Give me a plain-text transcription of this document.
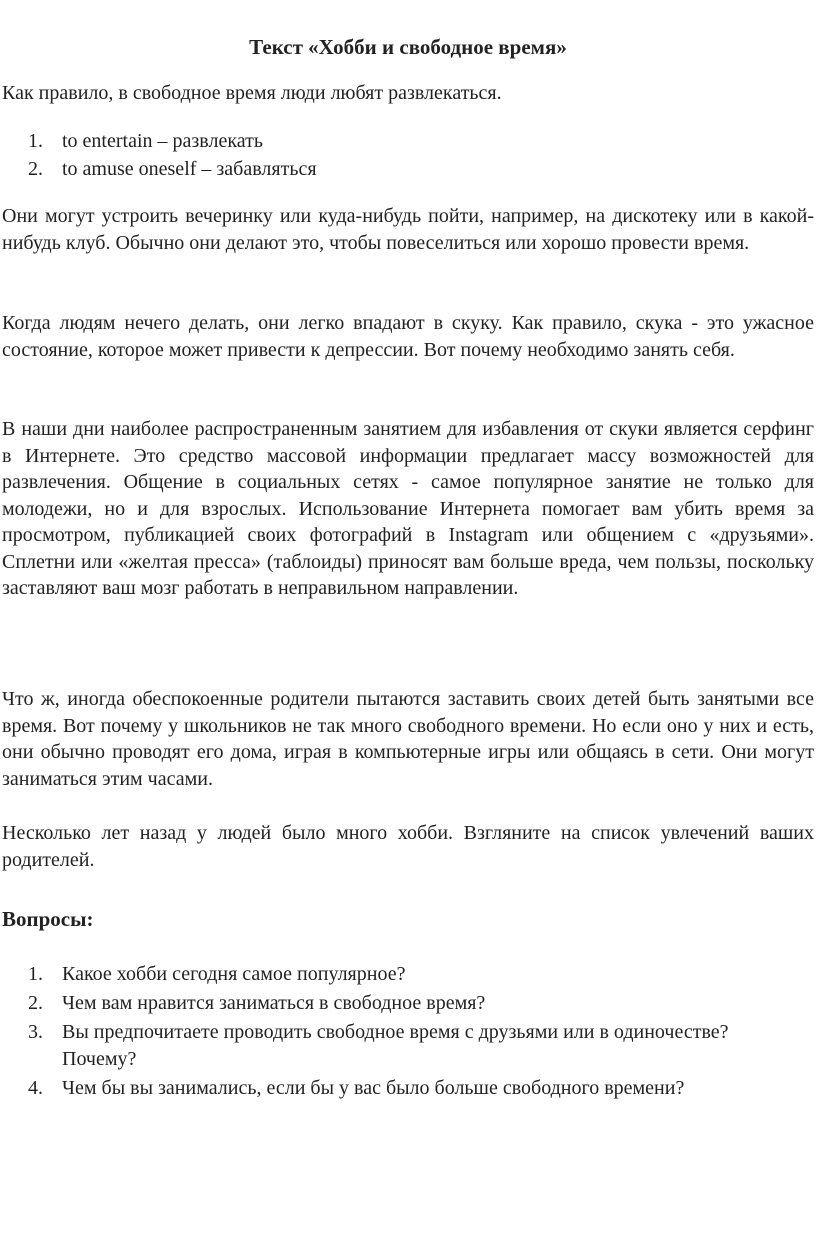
Текст «Хобби и свободное время»

Как правило, в свободное время люди любят развлекаться.

1. to entertain – развлекать
2. to amuse oneself – забавляться

Они могут устроить вечеринку или куда-нибудь пойти, например, на дискотеку или в какой-нибудь клуб. Обычно они делают это, чтобы повеселиться или хорошо провести время.

Когда людям нечего делать, они легко впадают в скуку. Как правило, скука - это ужасное состояние, которое может привести к депрессии. Вот почему необходимо занять себя.

В наши дни наиболее распространенным занятием для избавления от скуки является серфинг в Интернете. Это средство массовой информации предлагает массу возможностей для развлечения. Общение в социальных сетях - самое популярное занятие не только для молодежи, но и для взрослых. Использование Интернета помогает вам убить время за просмотром, публикацией своих фотографий в Instagram или общением с «друзьями». Сплетни или «желтая пресса» (таблоиды) приносят вам больше вреда, чем пользы, поскольку заставляют ваш мозг работать в неправильном направлении.

Что ж, иногда обеспокоенные родители пытаются заставить своих детей быть занятыми все время. Вот почему у школьников не так много свободного времени. Но если оно у них и есть, они обычно проводят его дома, играя в компьютерные игры или общаясь в сети. Они могут заниматься этим часами.

Несколько лет назад у людей было много хобби. Взгляните на список увлечений ваших родителей.

Вопросы:
1. Какое хобби сегодня самое популярное?
2. Чем вам нравится заниматься в свободное время?
3. Вы предпочитаете проводить свободное время с друзьями или в одиночестве? Почему?
4. Чем бы вы занимались, если бы у вас было больше свободного времени?
